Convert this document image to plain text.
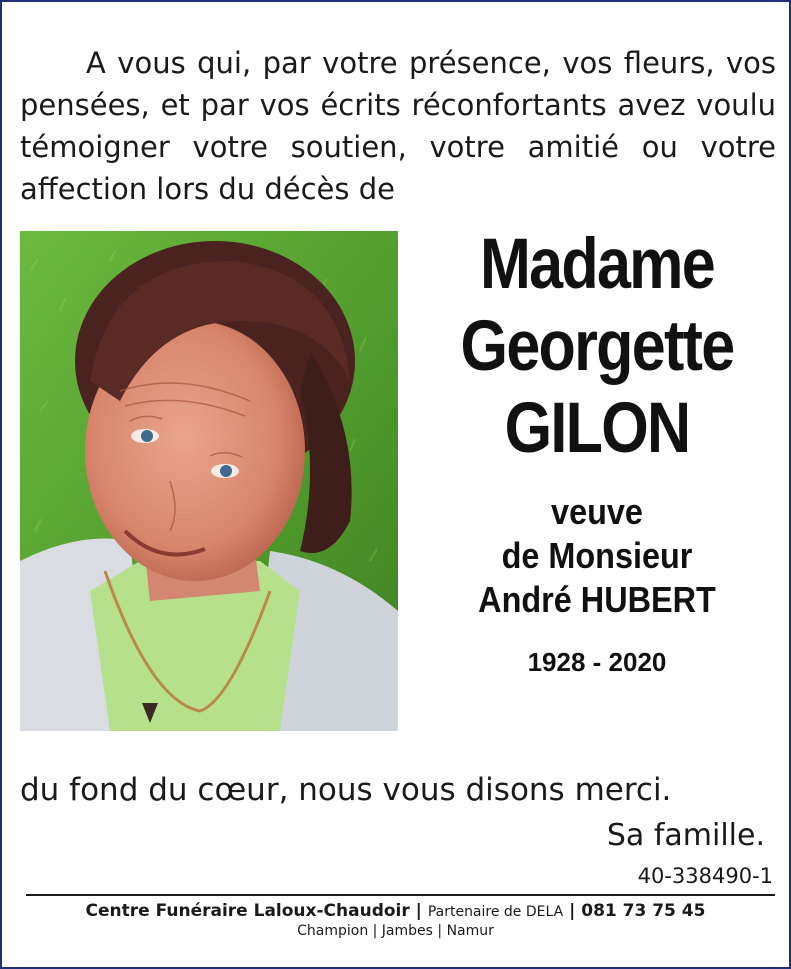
A vous qui, par votre présence, vos fleurs, vos pensées, et par vos écrits réconfortants avez voulu témoigner votre soutien, votre amitié ou votre affection lors du décès de

Madame
Georgette
GILON
veuve
de Monsieur
André HUBERT
1928 - 2020
du fond du cœur, nous vous disons merci.
Sa famille.
40-338490-1
Centre Funéraire Laloux-Chaudoir | Partenaire de DELA | 081 73 75 45
Champion | Jambes | Namur
